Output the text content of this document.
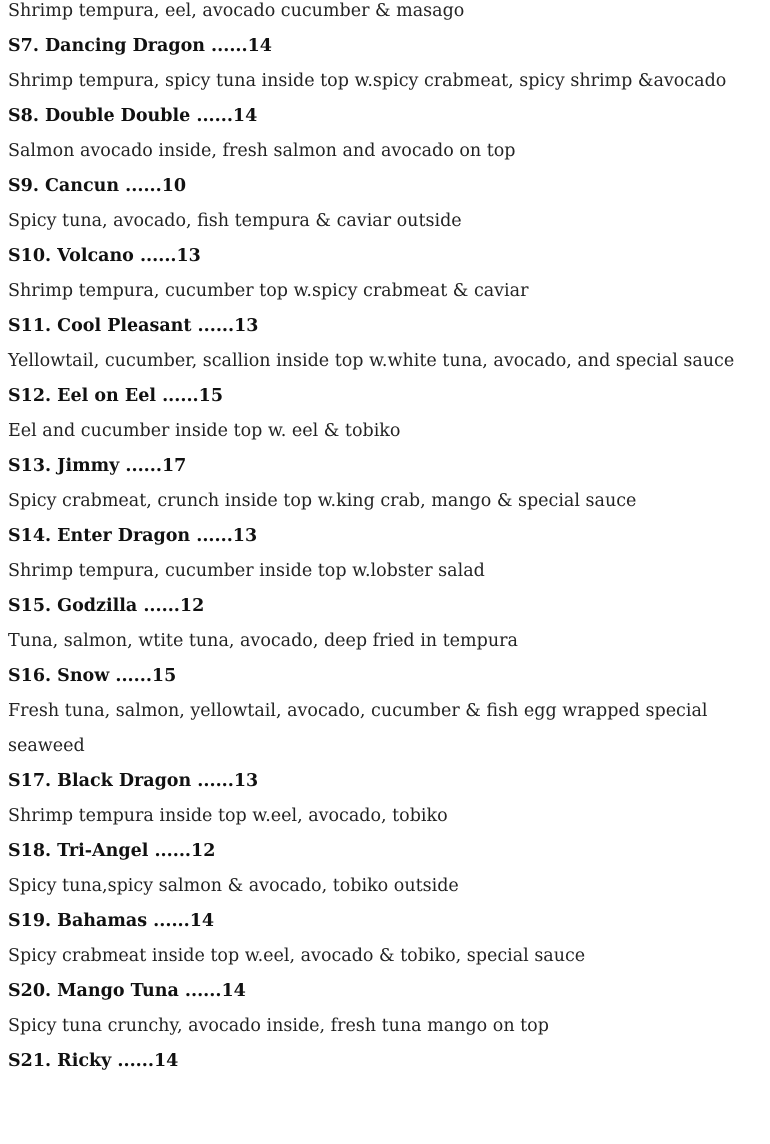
Shrimp tempura, eel, avocado cucumber & masago

S7. Dancing Dragon ......14

Shrimp tempura, spicy tuna inside top w.spicy crabmeat, spicy shrimp &avocado

S8. Double Double ......14

Salmon avocado inside, fresh salmon and avocado on top

S9. Cancun ......10

Spicy tuna, avocado, fish tempura & caviar outside

S10. Volcano ......13

Shrimp tempura, cucumber top w.spicy crabmeat & caviar

S11. Cool Pleasant ......13

Yellowtail, cucumber, scallion inside top w.white tuna, avocado, and special sauce

S12. Eel on Eel ......15

Eel and cucumber inside top w. eel & tobiko

S13. Jimmy ......17

Spicy crabmeat, crunch inside top w.king crab, mango & special sauce

S14. Enter Dragon ......13

Shrimp tempura, cucumber inside top w.lobster salad

S15. Godzilla ......12

Tuna, salmon, wtite tuna, avocado, deep fried in tempura

S16. Snow ......15

Fresh tuna, salmon, yellowtail, avocado, cucumber & fish egg wrapped special seaweed

S17. Black Dragon ......13

Shrimp tempura inside top w.eel, avocado, tobiko

S18. Tri-Angel ......12

Spicy tuna,spicy salmon & avocado, tobiko outside

S19. Bahamas ......14

Spicy crabmeat inside top w.eel, avocado & tobiko, special sauce

S20. Mango Tuna ......14

Spicy tuna crunchy, avocado inside, fresh tuna mango on top

S21. Ricky ......14
